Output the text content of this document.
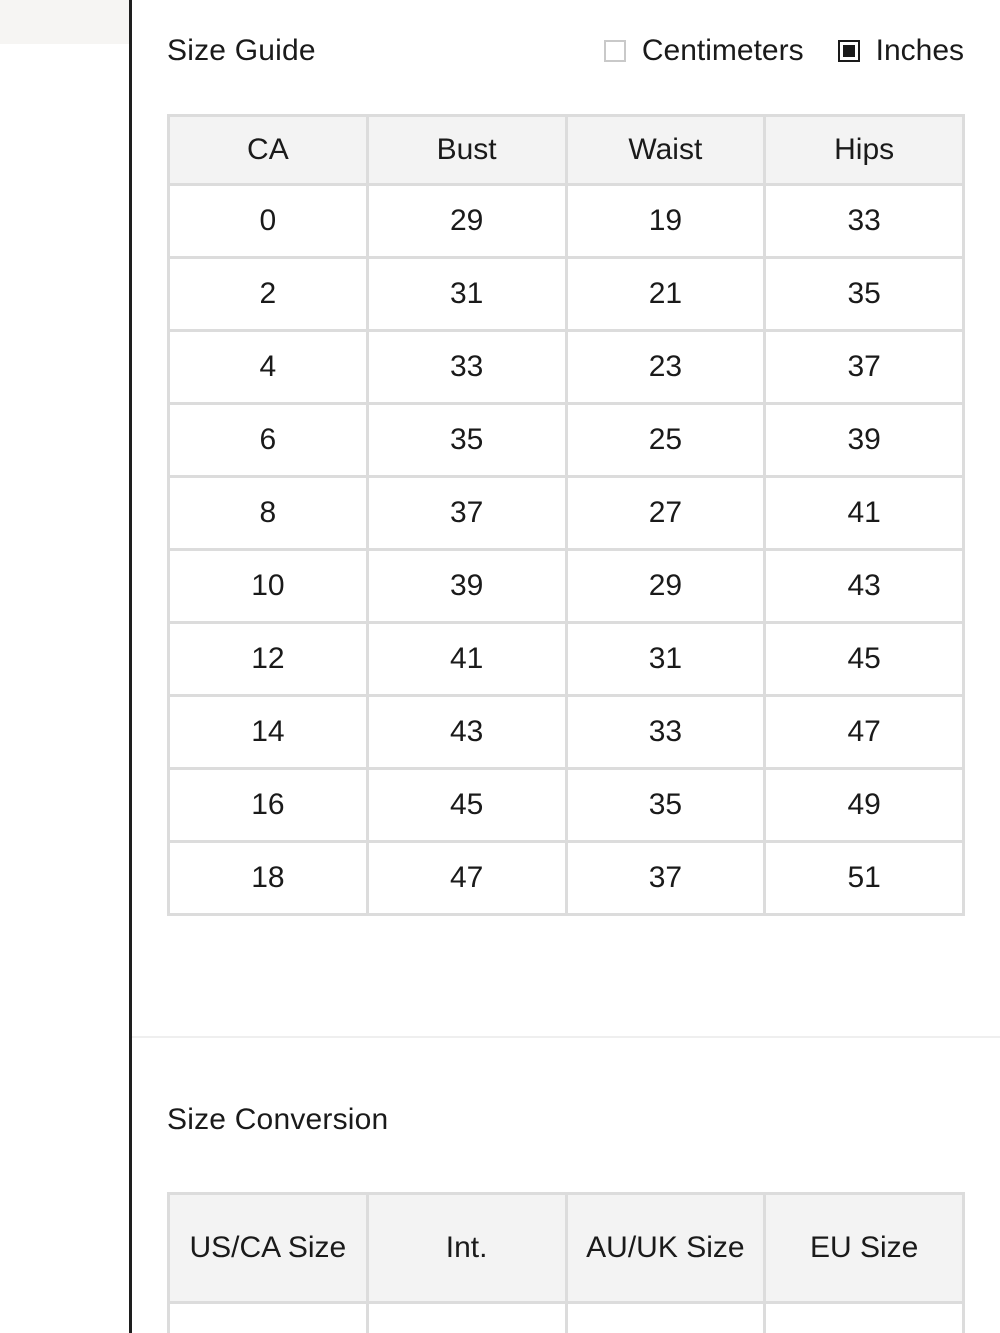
Size Guide	Centimeters Inches
CA	Bust	Waist	Hips
0	29	19	33
2	31	21	35
4	33	23	37
6	35	25	39
8	37	27	41
10	39	29	43
12	41	31	45
14	43	33	47
16	45	35	49
18	47	37	51
Size Conversion
US/CA Size	Int.	AU/UK Size	EU Size
